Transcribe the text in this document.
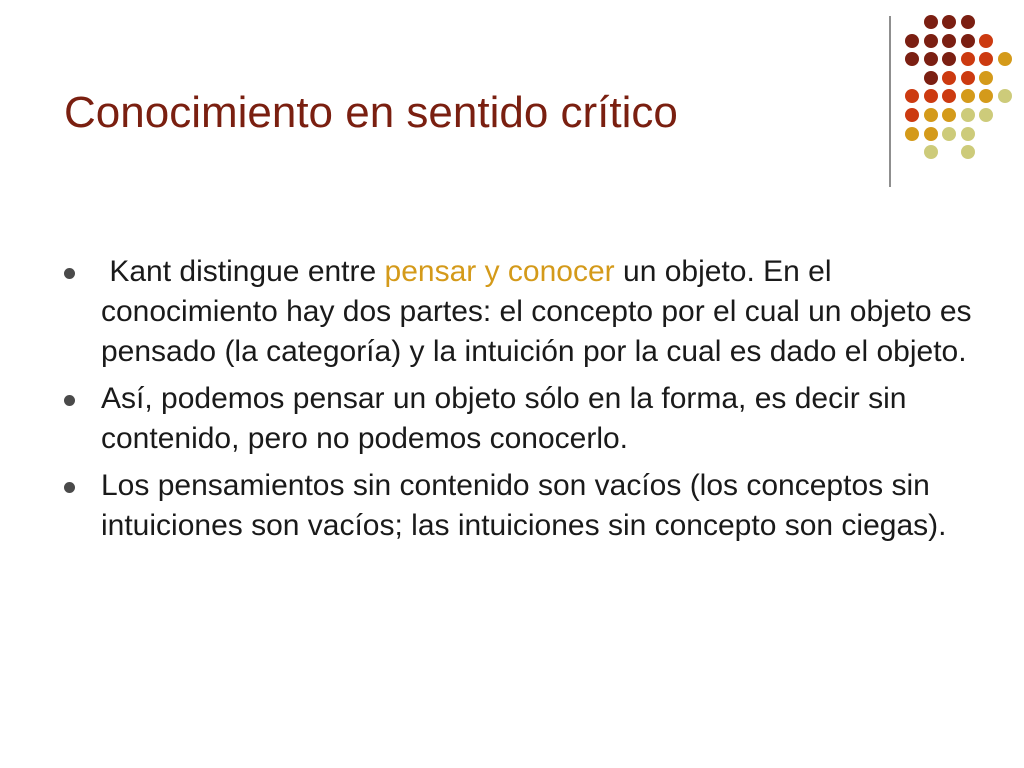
Conocimiento en sentido crítico
Kant distingue entre pensar y conocer un objeto. En el conocimiento hay dos partes: el concepto por el cual un objeto es pensado (la categoría) y la intuición por la cual es dado el objeto.
Así, podemos pensar un objeto sólo en la forma, es decir sin contenido, pero no podemos conocerlo.
Los pensamientos sin contenido son vacíos (los conceptos sin intuiciones son vacíos; las intuiciones sin concepto son ciegas).
